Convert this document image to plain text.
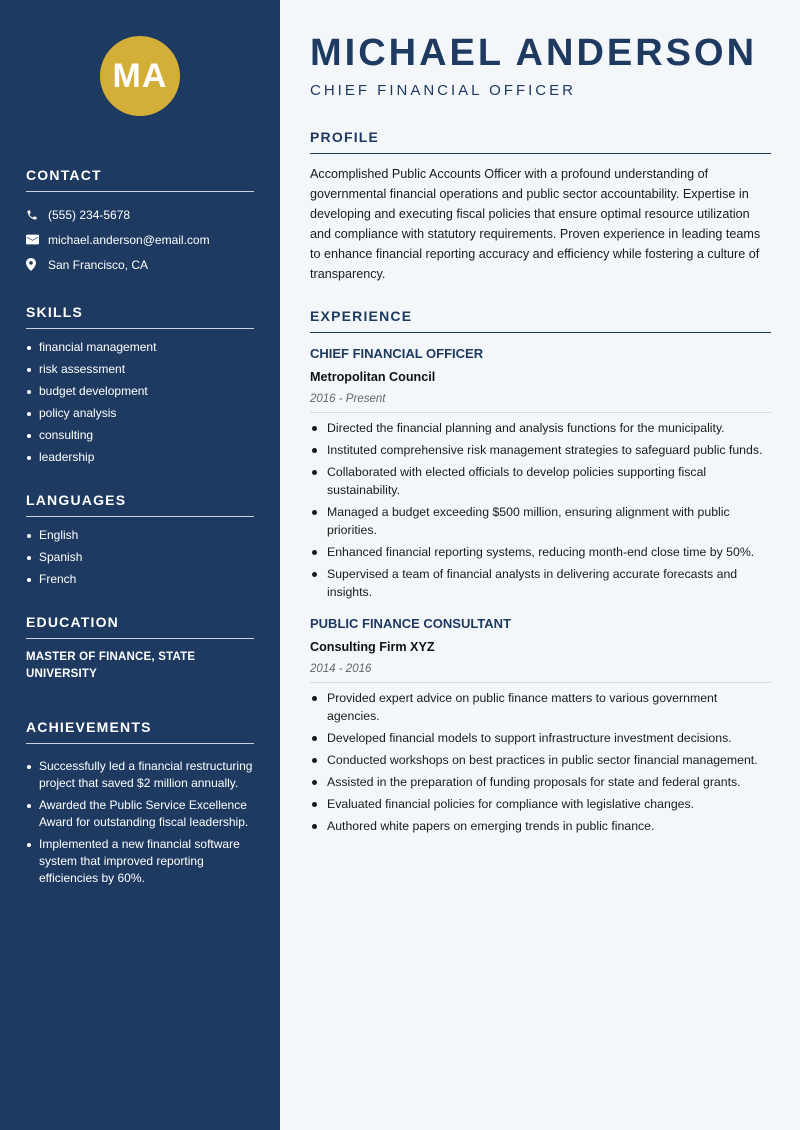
MA
CONTACT
(555) 234-5678
michael.anderson@email.com
San Francisco, CA
SKILLS
financial management
risk assessment
budget development
policy analysis
consulting
leadership
LANGUAGES
English
Spanish
French
EDUCATION
MASTER OF FINANCE, STATE UNIVERSITY
ACHIEVEMENTS
Successfully led a financial restructuring project that saved $2 million annually.
Awarded the Public Service Excellence Award for outstanding fiscal leadership.
Implemented a new financial software system that improved reporting efficiencies by 60%.
MICHAEL ANDERSON
CHIEF FINANCIAL OFFICER
PROFILE

Accomplished Public Accounts Officer with a profound understanding of governmental financial operations and public sector accountability. Expertise in developing and executing fiscal policies that ensure optimal resource utilization and compliance with statutory requirements. Proven experience in leading teams to enhance financial reporting accuracy and efficiency while fostering a culture of transparency.

EXPERIENCE
CHIEF FINANCIAL OFFICER
Metropolitan Council
2016 - Present
Directed the financial planning and analysis functions for the municipality.
Instituted comprehensive risk management strategies to safeguard public funds.
Collaborated with elected officials to develop policies supporting fiscal sustainability.
Managed a budget exceeding $500 million, ensuring alignment with public priorities.
Enhanced financial reporting systems, reducing month-end close time by 50%.
Supervised a team of financial analysts in delivering accurate forecasts and insights.
PUBLIC FINANCE CONSULTANT
Consulting Firm XYZ
2014 - 2016
Provided expert advice on public finance matters to various government agencies.
Developed financial models to support infrastructure investment decisions.
Conducted workshops on best practices in public sector financial management.
Assisted in the preparation of funding proposals for state and federal grants.
Evaluated financial policies for compliance with legislative changes.
Authored white papers on emerging trends in public finance.
